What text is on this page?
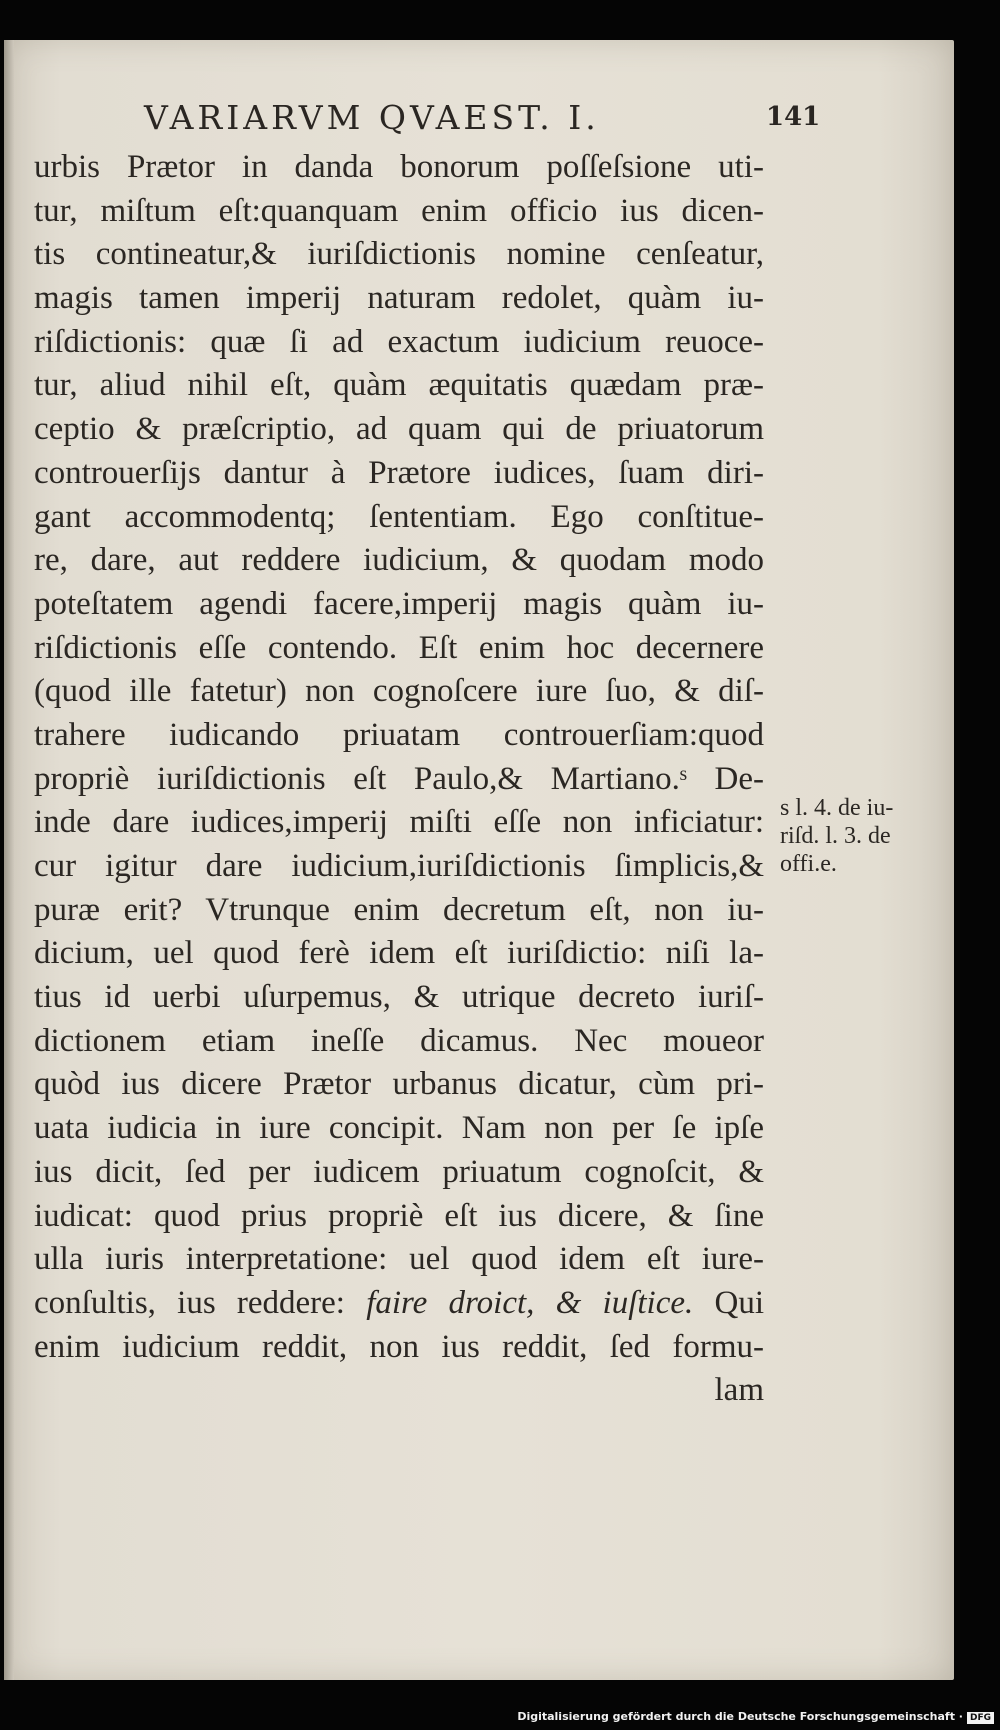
VARIARVM QVAEST. I.	141
urbis Prætor in danda bonorum poſſeſsione uti-
tur, miſtum eſt:quanquam enim officio ius dicen-
tis contineatur,& iuriſdictionis nomine cenſeatur,
magis tamen imperij naturam redolet, quàm iu-
riſdictionis: quæ ſi ad exactum iudicium reuoce-
tur, aliud nihil eſt, quàm æquitatis quædam præ-
ceptio & præſcriptio, ad quam qui de priuatorum
controuerſijs dantur à Prætore iudices, ſuam diri-
gant accommodentq; ſententiam. Ego conſtitue-
re, dare, aut reddere iudicium, & quodam modo
poteſtatem agendi facere,imperij magis quàm iu-
riſdictionis eſſe contendo. Eſt enim hoc decernere
(quod ille fatetur) non cognoſcere iure ſuo, & diſ-
trahere iudicando priuatam controuerſiam:quod
propriè iuriſdictionis eſt Paulo,& Martiano.ˢ De-
inde dare iudices,imperij miſti eſſe non inficiatur:
cur igitur dare iudicium,iuriſdictionis ſimplicis,&
puræ erit? Vtrunque enim decretum eſt, non iu-
dicium, uel quod ferè idem eſt iuriſdictio: niſi la-
tius id uerbi uſurpemus, & utrique decreto iuriſ-
dictionem etiam ineſſe dicamus. Nec moueor
quòd ius dicere Prætor urbanus dicatur, cùm pri-
uata iudicia in iure concipit. Nam non per ſe ipſe
ius dicit, ſed per iudicem priuatum cognoſcit, &
iudicat: quod prius propriè eſt ius dicere, & ſine
ulla iuris interpretatione: uel quod idem eſt iure-
conſultis, ius reddere: faire droict, & iuſtice. Qui
enim iudicium reddit, non ius reddit, ſed formu-
lam
s l. 4. de iu-
riſd. l. 3. de
offi.e.
Digitalisierung gefördert durch die Deutsche Forschungsgemeinschaft · DFG
